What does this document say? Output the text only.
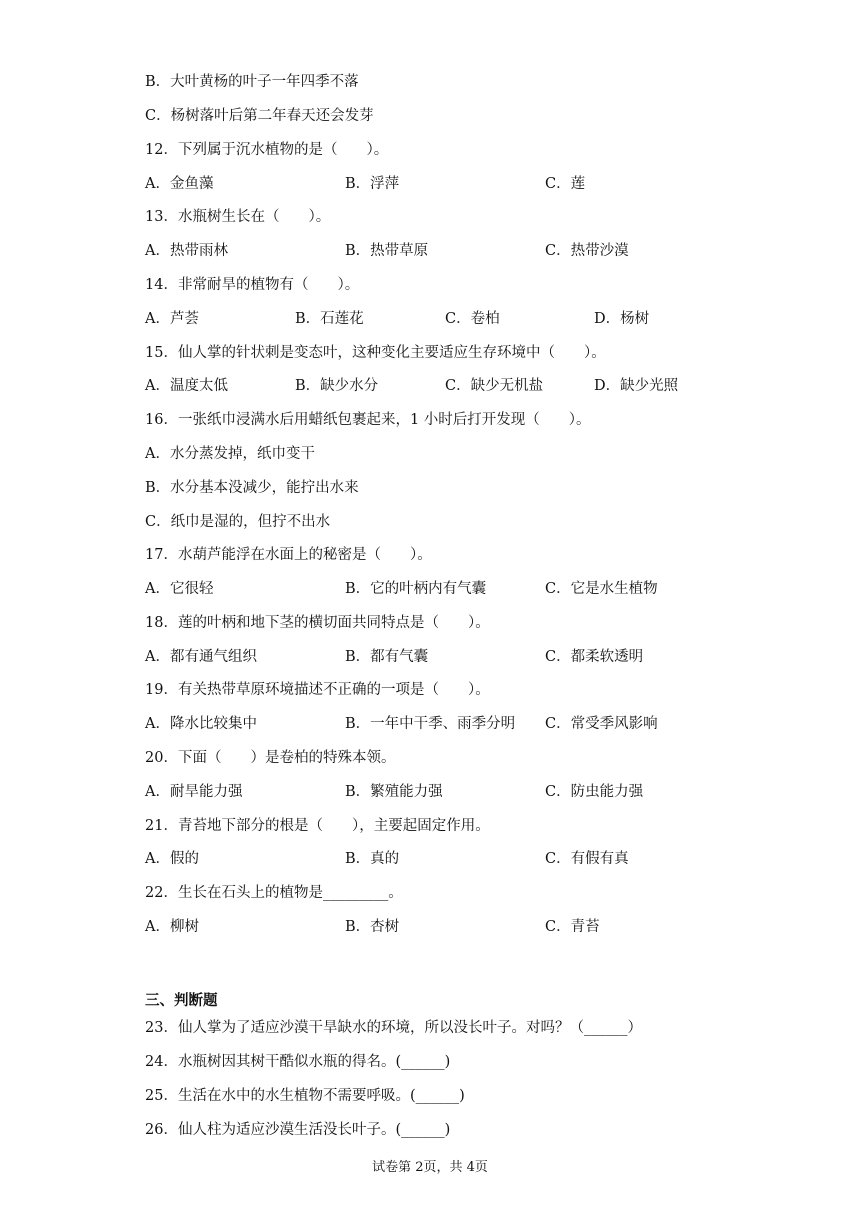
B．大叶黄杨的叶子一年四季不落
C．杨树落叶后第二年春天还会发芽
12．下列属于沉水植物的是（　　）。
A．金鱼藻	B．浮萍	C．莲
13．水瓶树生长在（　　）。
A．热带雨林	B．热带草原	C．热带沙漠
14．非常耐旱的植物有（　　）。
A．芦荟	B．石莲花	C．卷柏	D．杨树
15．仙人掌的针状刺是变态叶，这种变化主要适应生存环境中（　　）。
A．温度太低	B．缺少水分	C．缺少无机盐	D．缺少光照
16．一张纸巾浸满水后用蜡纸包裹起来，1 小时后打开发现（　　）。
A．水分蒸发掉，纸巾变干
B．水分基本没减少，能拧出水来
C．纸巾是湿的，但拧不出水
17．水葫芦能浮在水面上的秘密是（　　）。
A．它很轻	B．它的叶柄内有气囊	C．它是水生植物
18．莲的叶柄和地下茎的横切面共同特点是（　　）。
A．都有通气组织	B．都有气囊	C．都柔软透明
19．有关热带草原环境描述不正确的一项是（　　）。
A．降水比较集中	B．一年中干季、雨季分明 C．常受季风影响
20．下面（　　）是卷柏的特殊本领。
A．耐旱能力强	B．繁殖能力强	C．防虫能力强
21．青苔地下部分的根是（　　），主要起固定作用。
A．假的	B．真的	C．有假有真
22．生长在石头上的植物是_________。
A．柳树	B．杏树	C．青苔
三、判断题
23．仙人掌为了适应沙漠干旱缺水的环境，所以没长叶子。对吗？（______）
24．水瓶树因其树干酷似水瓶的得名。(______)
25．生活在水中的水生植物不需要呼吸。(______)
26．仙人柱为适应沙漠生活没长叶子。(______)
试卷第 2页，共 4页
